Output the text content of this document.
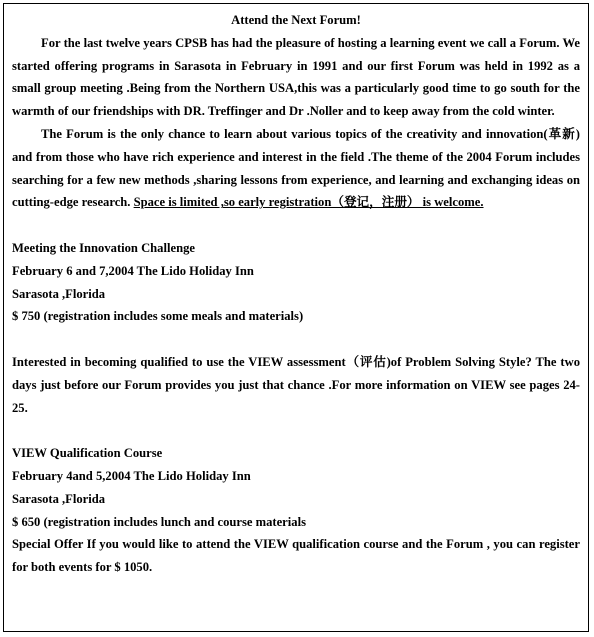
Attend the Next Forum!

For the last twelve years CPSB has had the pleasure of hosting a learning event we call a Forum. We started offering programs in Sarasota in February in 1991 and our first Forum was held in 1992 as a small group meeting .Being from the Northern USA,this was a particularly good time to go south for the warmth of our friendships with DR. Treffinger and Dr .Noller and to keep away from the cold winter.

The Forum is the only chance to learn about various topics of the creativity and innovation(革新) and from those who have rich experience and interest in the field .The theme of the 2004 Forum includes searching for a few new methods ,sharing lessons from experience, and learning and exchanging ideas on cutting-edge research. Space is limited ,so early registration（登记，注册） is welcome.

Meeting the Innovation Challenge

February 6 and 7,2004 The Lido Holiday Inn

Sarasota ,Florida

$ 750 (registration includes some meals and materials)

Interested in becoming qualified to use the VIEW assessment（评估)of Problem Solving Style? The two days just before our Forum provides you just that chance .For more information on VIEW see pages 24-25.

VIEW Qualification Course

February 4and 5,2004 The Lido Holiday Inn

Sarasota ,Florida

$ 650 (registration includes lunch and course materials

Special Offer If you would like to attend the VIEW qualification course and the Forum , you can register for both events for $ 1050.
